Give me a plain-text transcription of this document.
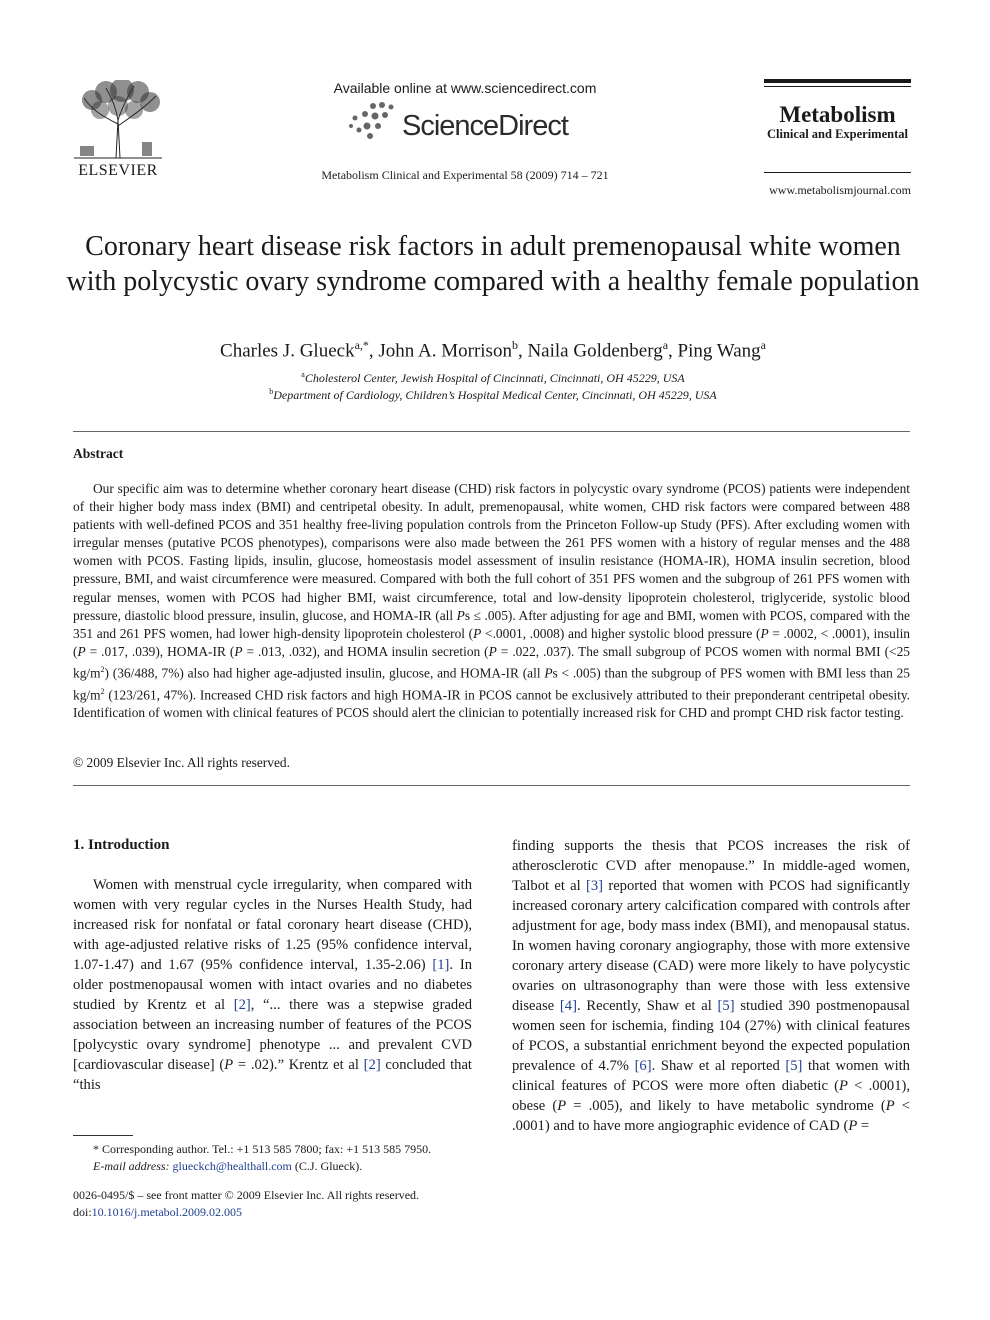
ELSEVIER
Available online at www.sciencedirect.com
ScienceDirect
Metabolism Clinical and Experimental 58 (2009) 714 – 721
Metabolism
Clinical and Experimental
www.metabolismjournal.com
Coronary heart disease risk factors in adult premenopausal white women with polycystic ovary syndrome compared with a healthy female population
Charles J. Glueck$^{a,*}$, John A. Morrison$^b$, Naila Goldenberg$^a$, Ping Wang$^a$
$^a$Cholesterol Center, Jewish Hospital of Cincinnati, Cincinnati, OH 45229, USA
$^b$Department of Cardiology, Children’s Hospital Medical Center, Cincinnati, OH 45229, USA
Abstract
Our specific aim was to determine whether coronary heart disease (CHD) risk factors in polycystic ovary syndrome (PCOS) patients were independent of their higher body mass index (BMI) and centripetal obesity. In adult, premenopausal, white women, CHD risk factors were compared between 488 patients with well-defined PCOS and 351 healthy free-living population controls from the Princeton Follow-up Study (PFS). After excluding women with irregular menses (putative PCOS phenotypes), comparisons were also made between the 261 PFS women with a history of regular menses and the 488 women with PCOS. Fasting lipids, insulin, glucose, homeostasis model assessment of insulin resistance (HOMA-IR), HOMA insulin secretion, blood pressure, BMI, and waist circumference were measured. Compared with both the full cohort of 351 PFS women and the subgroup of 261 PFS women with regular menses, women with PCOS had higher BMI, waist circumference, total and low-density lipoprotein cholesterol, triglyceride, systolic blood pressure, diastolic blood pressure, insulin, glucose, and HOMA-IR (all Ps ≤ .005). After adjusting for age and BMI, women with PCOS, compared with the 351 and 261 PFS women, had lower high-density lipoprotein cholesterol (P <.0001, .0008) and higher systolic blood pressure (P = .0002, < .0001), insulin (P = .017, .039), HOMA-IR (P = .013, .032), and HOMA insulin secretion (P = .022, .037). The small subgroup of PCOS women with normal BMI (<25 $kg/m^2$) (36/488, 7%) also had higher age-adjusted insulin, glucose, and HOMA-IR (all Ps < .005) than the subgroup of PFS women with BMI less than 25 $kg/m^2$ (123/261, 47%). Increased CHD risk factors and high HOMA-IR in PCOS cannot be exclusively attributed to their preponderant centripetal obesity. Identification of women with clinical features of PCOS should alert the clinician to potentially increased risk for CHD and prompt CHD risk factor testing.
© 2009 Elsevier Inc. All rights reserved.
1. Introduction
Women with menstrual cycle irregularity, when compared with women with very regular cycles in the Nurses Health Study, had increased risk for nonfatal or fatal coronary heart disease (CHD), with age-adjusted relative risks of 1.25 (95% confidence interval, 1.07-1.47) and 1.67 (95% confidence interval, 1.35-2.06) [1]. In older postmenopausal women with intact ovaries and no diabetes studied by Krentz et al [2], “... there was a stepwise graded association between an increasing number of features of the PCOS [polycystic ovary syndrome] phenotype ... and prevalent CVD [cardiovascular disease] (P = .02).” Krentz et al [2] concluded that “this
finding supports the thesis that PCOS increases the risk of atherosclerotic CVD after menopause.” In middle-aged women, Talbot et al [3] reported that women with PCOS had significantly increased coronary artery calcification compared with controls after adjustment for age, body mass index (BMI), and menopausal status. In women having coronary angiography, those with more extensive coronary artery disease (CAD) were more likely to have polycystic ovaries on ultrasonography than were those with less extensive disease [4]. Recently, Shaw et al [5] studied 390 postmenopausal women seen for ischemia, finding 104 (27%) with clinical features of PCOS, a substantial enrichment beyond the expected population prevalence of 4.7% [6]. Shaw et al reported [5] that women with clinical features of PCOS were more often diabetic (P < .0001), obese (P = .005), and likely to have metabolic syndrome (P < .0001) and to have more angiographic evidence of CAD (P =
* Corresponding author. Tel.: +1 513 585 7800; fax: +1 513 585 7950.
E-mail address: glueckch@healthall.com (C.J. Glueck).
0026-0495/$ – see front matter © 2009 Elsevier Inc. All rights reserved.
doi:10.1016/j.metabol.2009.02.005
